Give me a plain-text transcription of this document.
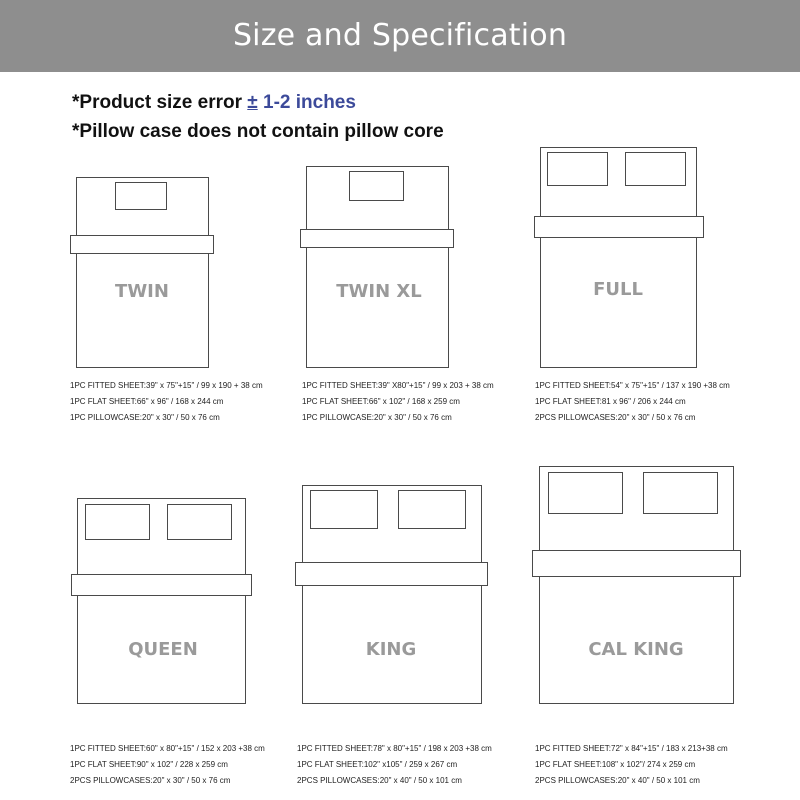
Size and Specification
*Product size error ± 1-2 inches
*Pillow case does not contain pillow core
TWIN
1PC FITTED SHEET:39" x 75"+15" / 99 x 190 + 38 cm
1PC FLAT SHEET:66" x 96" / 168 x 244 cm
1PC PILLOWCASE:20" x 30" / 50 x 76 cm
TWIN XL
1PC FITTED SHEET:39" X80"+15" / 99 x 203 + 38 cm
1PC FLAT SHEET:66" x 102" / 168 x 259 cm
1PC PILLOWCASE:20" x 30" / 50 x 76 cm
FULL
1PC FITTED SHEET:54" x 75"+15" / 137 x 190 +38 cm
1PC FLAT SHEET:81 x 96" / 206 x 244 cm
2PCS PILLOWCASES:20" x 30" / 50 x 76 cm
QUEEN
1PC FITTED SHEET:60" x 80"+15" / 152 x 203 +38 cm
1PC FLAT SHEET:90" x 102" / 228 x 259 cm
2PCS PILLOWCASES:20" x 30" / 50 x 76 cm
KING
1PC FITTED SHEET:78" x 80"+15" / 198 x 203 +38 cm
1PC FLAT SHEET:102" x105" / 259 x 267 cm
2PCS PILLOWCASES:20" x 40" / 50 x 101 cm
CAL KING
1PC FITTED SHEET:72" x 84"+15" / 183 x 213+38 cm
1PC FLAT SHEET:108" x 102"/ 274 x 259 cm
2PCS PILLOWCASES:20" x 40" / 50 x 101 cm
